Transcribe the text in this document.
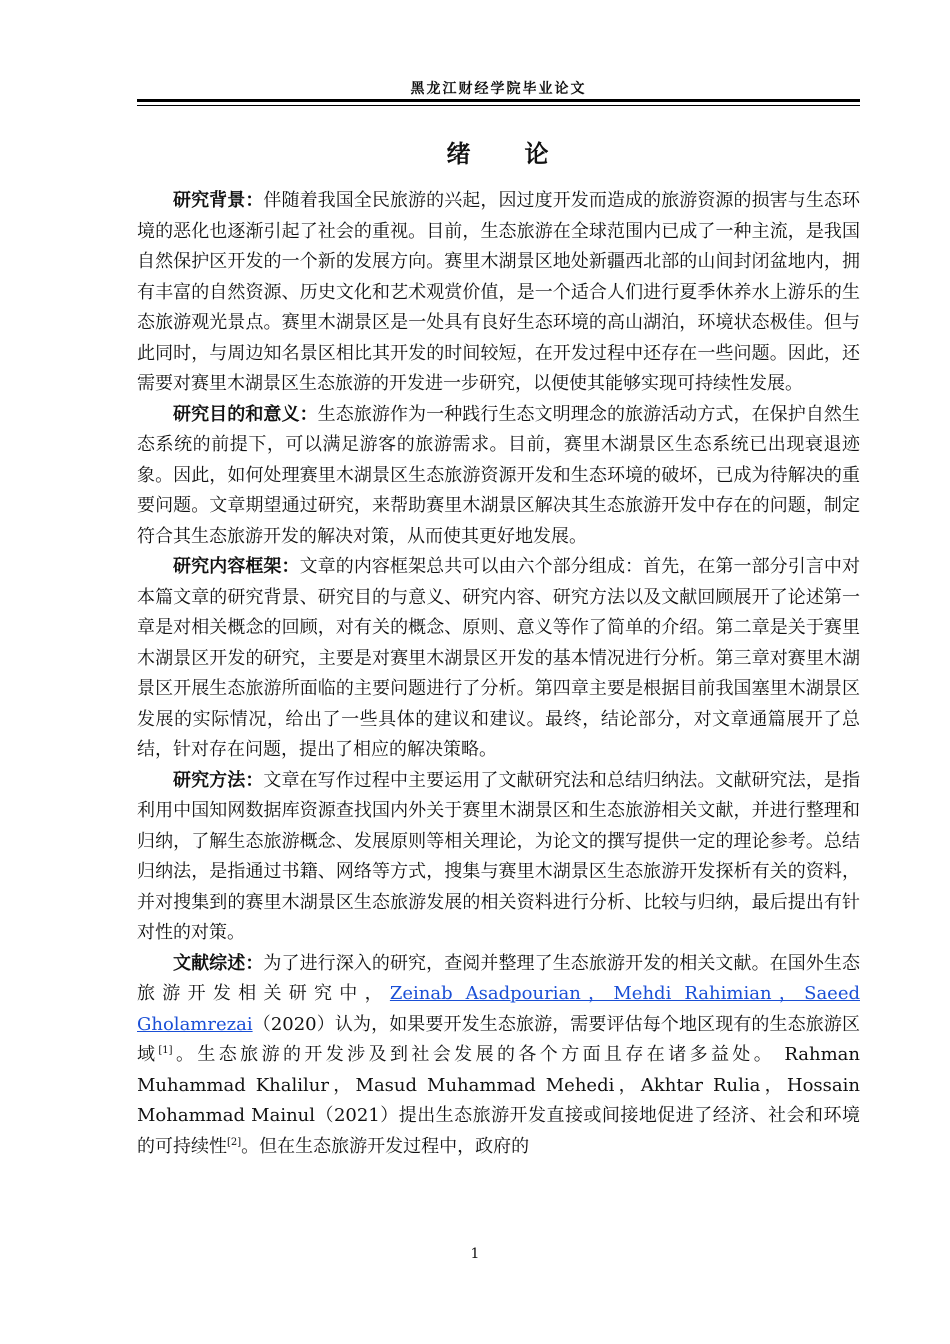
黑龙江财经学院毕业论文
绪　　论

研究背景：伴随着我国全民旅游的兴起，因过度开发而造成的旅游资源的损害与生态环境的恶化也逐渐引起了社会的重视。目前，生态旅游在全球范围内已成了一种主流，是我国自然保护区开发的一个新的发展方向。赛里木湖景区地处新疆西北部的山间封闭盆地内，拥有丰富的自然资源、历史文化和艺术观赏价值，是一个适合人们进行夏季休养水上游乐的生态旅游观光景点。赛里木湖景区是一处具有良好生态环境的高山湖泊，环境状态极佳。但与此同时，与周边知名景区相比其开发的时间较短，在开发过程中还存在一些问题。因此，还需要对赛里木湖景区生态旅游的开发进一步研究，以便使其能够实现可持续性发展。

研究目的和意义：生态旅游作为一种践行生态文明理念的旅游活动方式，在保护自然生态系统的前提下，可以满足游客的旅游需求。目前，赛里木湖景区生态系统已出现衰退迹象。因此，如何处理赛里木湖景区生态旅游资源开发和生态环境的破坏，已成为待解决的重要问题。文章期望通过研究，来帮助赛里木湖景区解决其生态旅游开发中存在的问题，制定符合其生态旅游开发的解决对策，从而使其更好地发展。

研究内容框架：文章的内容框架总共可以由六个部分组成：首先，在第一部分引言中对本篇文章的研究背景、研究目的与意义、研究内容、研究方法以及文献回顾展开了论述第一章是对相关概念的回顾，对有关的概念、原则、意义等作了简单的介绍。第二章是关于赛里木湖景区开发的研究，主要是对赛里木湖景区开发的基本情况进行分析。第三章对赛里木湖景区开展生态旅游所面临的主要问题进行了分析。第四章主要是根据目前我国塞里木湖景区发展的实际情况，给出了一些具体的建议和建议。最终，结论部分，对文章通篇展开了总结，针对存在问题，提出了相应的解决策略。

研究方法：文章在写作过程中主要运用了文献研究法和总结归纳法。文献研究法，是指利用中国知网数据库资源查找国内外关于赛里木湖景区和生态旅游相关文献，并进行整理和归纳，了解生态旅游概念、发展原则等相关理论，为论文的撰写提供一定的理论参考。总结归纳法，是指通过书籍、网络等方式，搜集与赛里木湖景区生态旅游开发探析有关的资料，并对搜集到的赛里木湖景区生态旅游发展的相关资料进行分析、比较与归纳，最后提出有针对性的对策。

文献综述：为了进行深入的研究，查阅并整理了生态旅游开发的相关文献。在国外生态旅游开发相关研究中，Zeinab Asadpourian，Mehdi Rahimian，Saeed Gholamrezai（2020）认为，如果要开发生态旅游，需要评估每个地区现有的生态旅游区域[1]。生态旅游的开发涉及到社会发展的各个方面且存在诸多益处。 Rahman Muhammad Khalilur，Masud Muhammad Mehedi，Akhtar Rulia，Hossain Mohammad Mainul（2021）提出生态旅游开发直接或间接地促进了经济、社会和环境的可持续性[2]。但在生态旅游开发过程中，政府的

1
